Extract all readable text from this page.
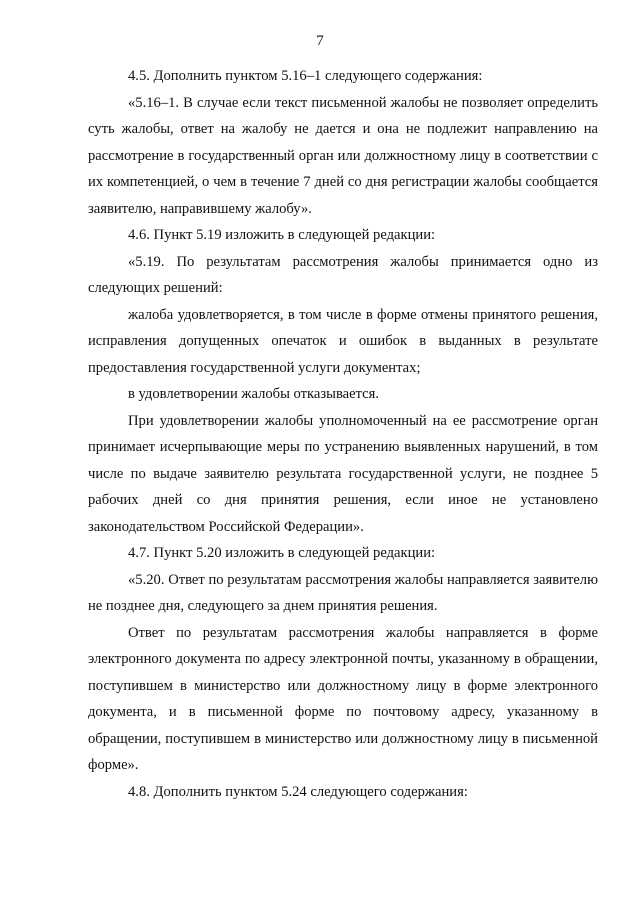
7

4.5. Дополнить пунктом 5.16–1 следующего содержания:

«5.16–1. В случае если текст письменной жалобы не позволяет определить суть жалобы, ответ на жалобу не дается и она не подлежит направлению на рассмотрение в государственный орган или должностному лицу в соответствии с их компетенцией, о чем в течение 7 дней со дня регистрации жалобы сообщается заявителю, направившему жалобу».

4.6. Пункт 5.19 изложить в следующей редакции:

«5.19. По результатам рассмотрения жалобы принимается одно из следующих решений:

жалоба удовлетворяется, в том числе в форме отмены принятого решения, исправления допущенных опечаток и ошибок в выданных в результате предоставления государственной услуги документах;

в удовлетворении жалобы отказывается.

При удовлетворении жалобы уполномоченный на ее рассмотрение орган принимает исчерпывающие меры по устранению выявленных нарушений, в том числе по выдаче заявителю результата государственной услуги, не позднее 5 рабочих дней со дня принятия решения, если иное не установлено законодательством Российской Федерации».

4.7. Пункт 5.20 изложить в следующей редакции:

«5.20. Ответ по результатам рассмотрения жалобы направляется заявителю не позднее дня, следующего за днем принятия решения.

Ответ по результатам рассмотрения жалобы направляется в форме электронного документа по адресу электронной почты, указанному в обращении, поступившем в министерство или должностному лицу в форме электронного документа, и в письменной форме по почтовому адресу, указанному в обращении, поступившем в министерство или должностному лицу в письменной форме».

4.8. Дополнить пунктом 5.24 следующего содержания:
